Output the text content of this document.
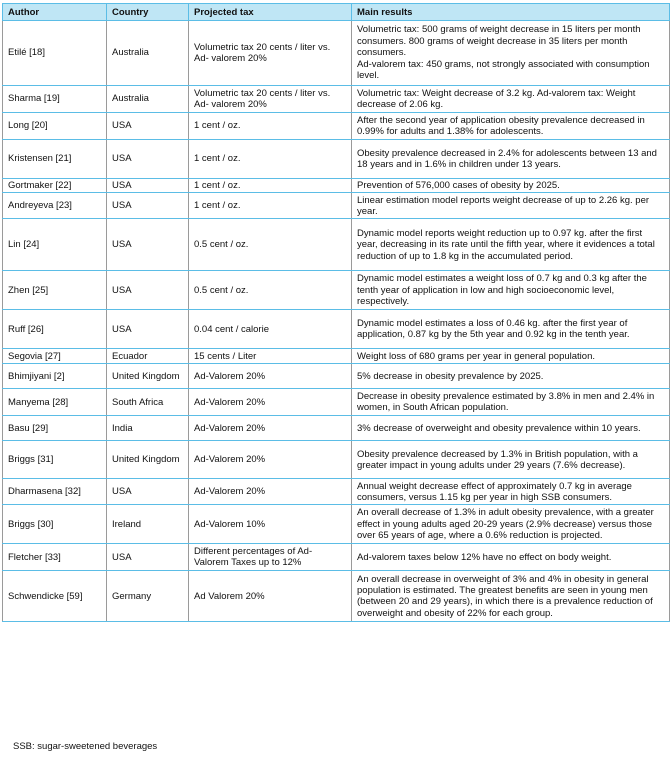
Author	Country	Projected tax	Main results
Etilé [18]	Australia	Volumetric tax 20 cents / liter vs. Ad- valorem 20%	Volumetric tax: 500 grams of weight decrease in 15 liters per month consumers. 800 grams of weight decrease in 35 liters per month consumers.
Ad-valorem tax: 450 grams, not strongly associated with consumption level.
Sharma [19]	Australia	Volumetric tax 20 cents / liter vs. Ad- valorem 20%	Volumetric tax: Weight decrease of 3.2 kg. Ad-valorem tax: Weight decrease of 2.06 kg.
Long [20]	USA	1 cent / oz.	After the second year of application obesity prevalence decreased in 0.99% for adults and 1.38% for adolescents.
Kristensen [21]	USA	1 cent / oz.	Obesity prevalence decreased in 2.4% for adolescents between 13 and 18 years and in 1.6% in children under 13 years.
Gortmaker [22]	USA	1 cent / oz.	Prevention of 576,000 cases of obesity by 2025.
Andreyeva [23]	USA	1 cent / oz.	Linear estimation model reports weight decrease of up to 2.26 kg. per year.
Lin [24]	USA	0.5 cent / oz.	Dynamic model reports weight reduction up to 0.97 kg. after the first year, decreasing in its rate until the fifth year, where it evidences a total reduction of up to 1.8 kg in the accumulated period.
Zhen [25]	USA	0.5 cent / oz.	Dynamic model estimates a weight loss of 0.7 kg and 0.3 kg after the tenth year of application in low and high socioeconomic level, respectively.
Ruff [26]	USA	0.04 cent / calorie	Dynamic model estimates a loss of 0.46 kg. after the first year of application, 0.87 kg by the 5th year and 0.92 kg in the tenth year.
Segovia [27]	Ecuador	15 cents / Liter	Weight loss of 680 grams per year in general population.
Bhimjiyani [2]	United Kingdom	Ad-Valorem 20%	5% decrease in obesity prevalence by 2025.
Manyema [28]	South Africa	Ad-Valorem 20%	Decrease in obesity prevalence estimated by 3.8% in men and 2.4% in women, in South African population.
Basu [29]	India	Ad-Valorem 20%	3% decrease of overweight and obesity prevalence within 10 years.
Briggs [31]	United Kingdom	Ad-Valorem 20%	Obesity prevalence decreased by 1.3% in British population, with a greater impact in young adults under 29 years (7.6% decrease).
Dharmasena [32]	USA	Ad-Valorem 20%	Annual weight decrease effect of approximately 0.7 kg in average consumers, versus 1.15 kg per year in high SSB consumers.
Briggs [30]	Ireland	Ad-Valorem 10%	An overall decrease of 1.3% in adult obesity prevalence, with a greater effect in young adults aged 20-29 years (2.9% decrease) versus those over 65 years of age, where a 0.6% reduction is projected.
Fletcher [33]	USA	Different percentages of Ad-Valorem Taxes up to 12%	Ad-valorem taxes below 12% have no effect on body weight.
Schwendicke [59]	Germany	Ad Valorem 20%	An overall decrease in overweight of 3% and 4% in obesity in general population is estimated. The greatest benefits are seen in young men (between 20 and 29 years), in which there is a prevalence reduction of overweight and obesity of 22% for each group.
SSB: sugar-sweetened beverages
